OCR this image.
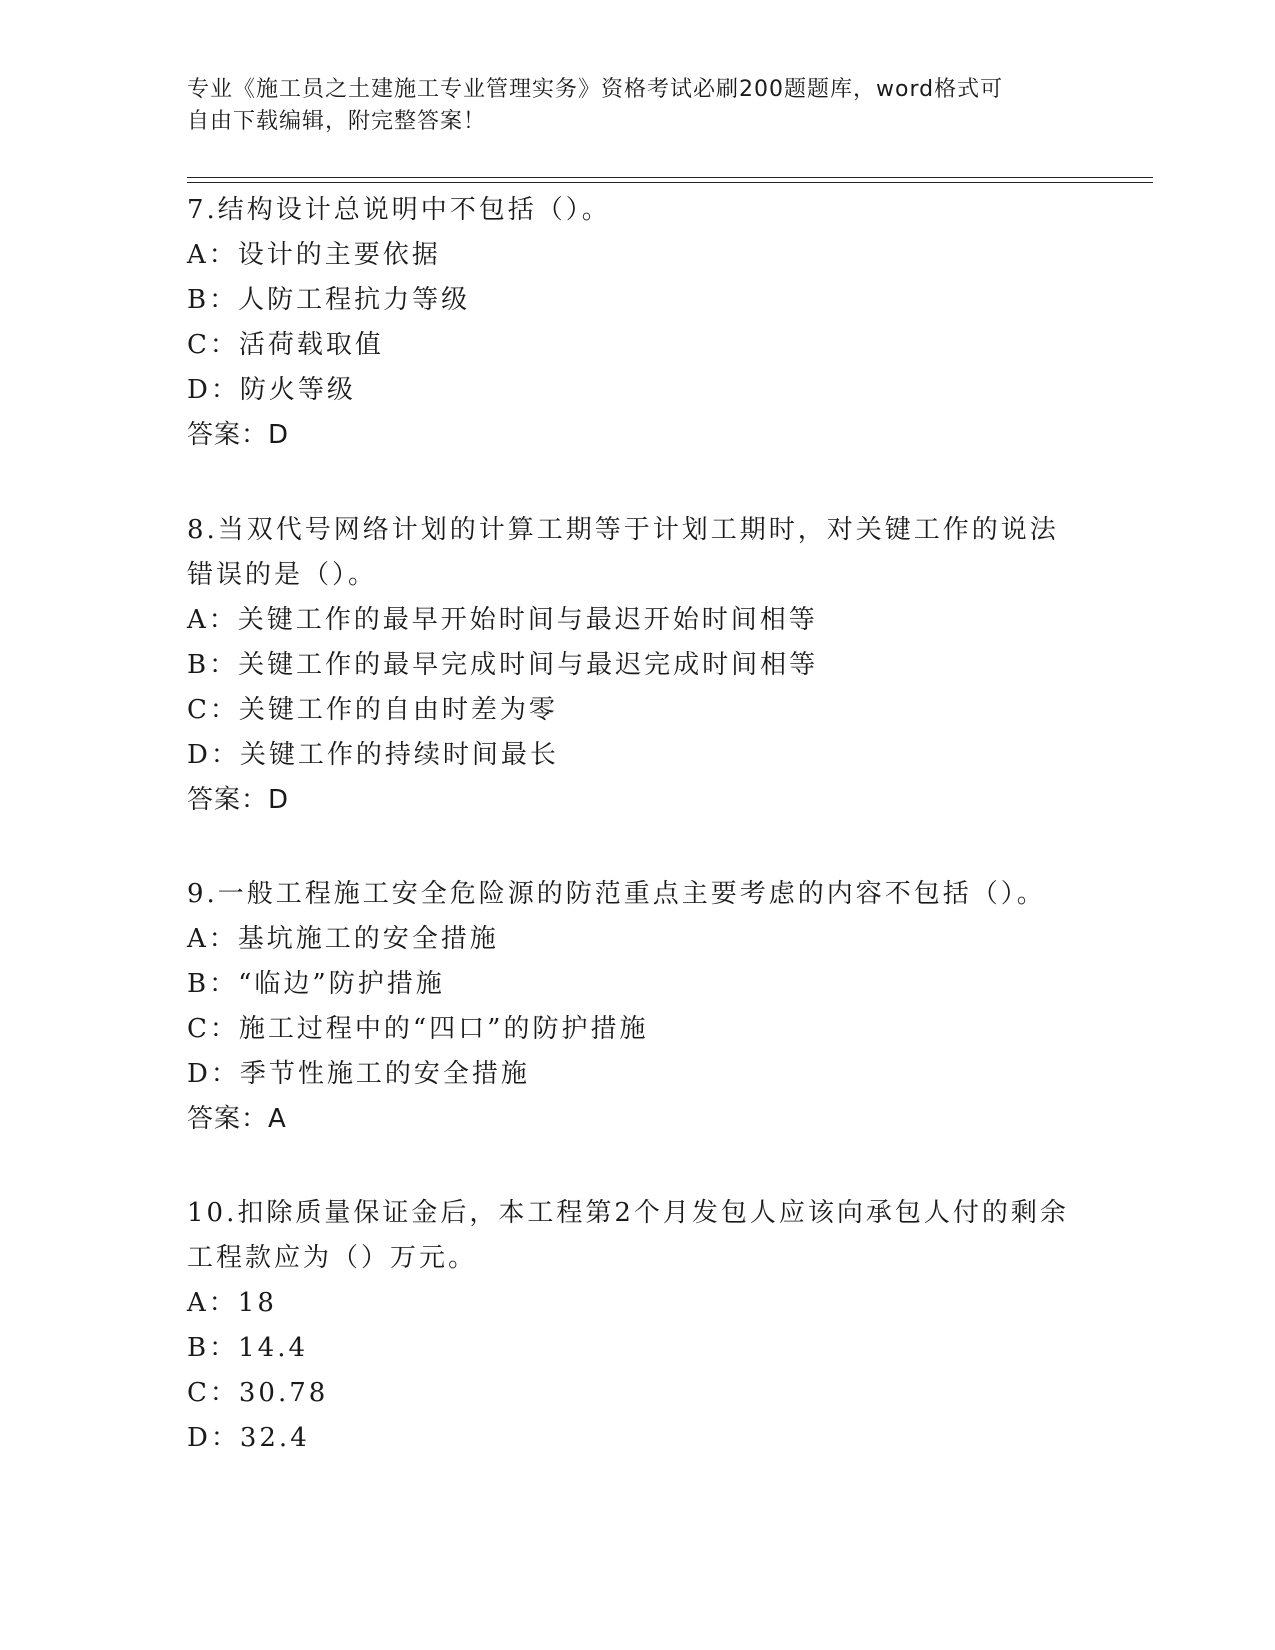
专业《施工员之土建施工专业管理实务》资格考试必刷200题题库，word格式可
自由下载编辑，附完整答案！
7.结构设计总说明中不包括（）。
A：设计的主要依据
B：人防工程抗力等级
C：活荷载取值
D：防火等级
答案：D
8.当双代号网络计划的计算工期等于计划工期时，对关键工作的说法错误的是（）。
A：关键工作的最早开始时间与最迟开始时间相等
B：关键工作的最早完成时间与最迟完成时间相等
C：关键工作的自由时差为零
D：关键工作的持续时间最长
答案：D
9.一般工程施工安全危险源的防范重点主要考虑的内容不包括（）。
A：基坑施工的安全措施
B：“临边”防护措施
C：施工过程中的“四口”的防护措施
D：季节性施工的安全措施
答案：A
10.扣除质量保证金后，本工程第2个月发包人应该向承包人付的剩余工程款应为（）万元。
A：18
B：14.4
C：30.78
D：32.4
